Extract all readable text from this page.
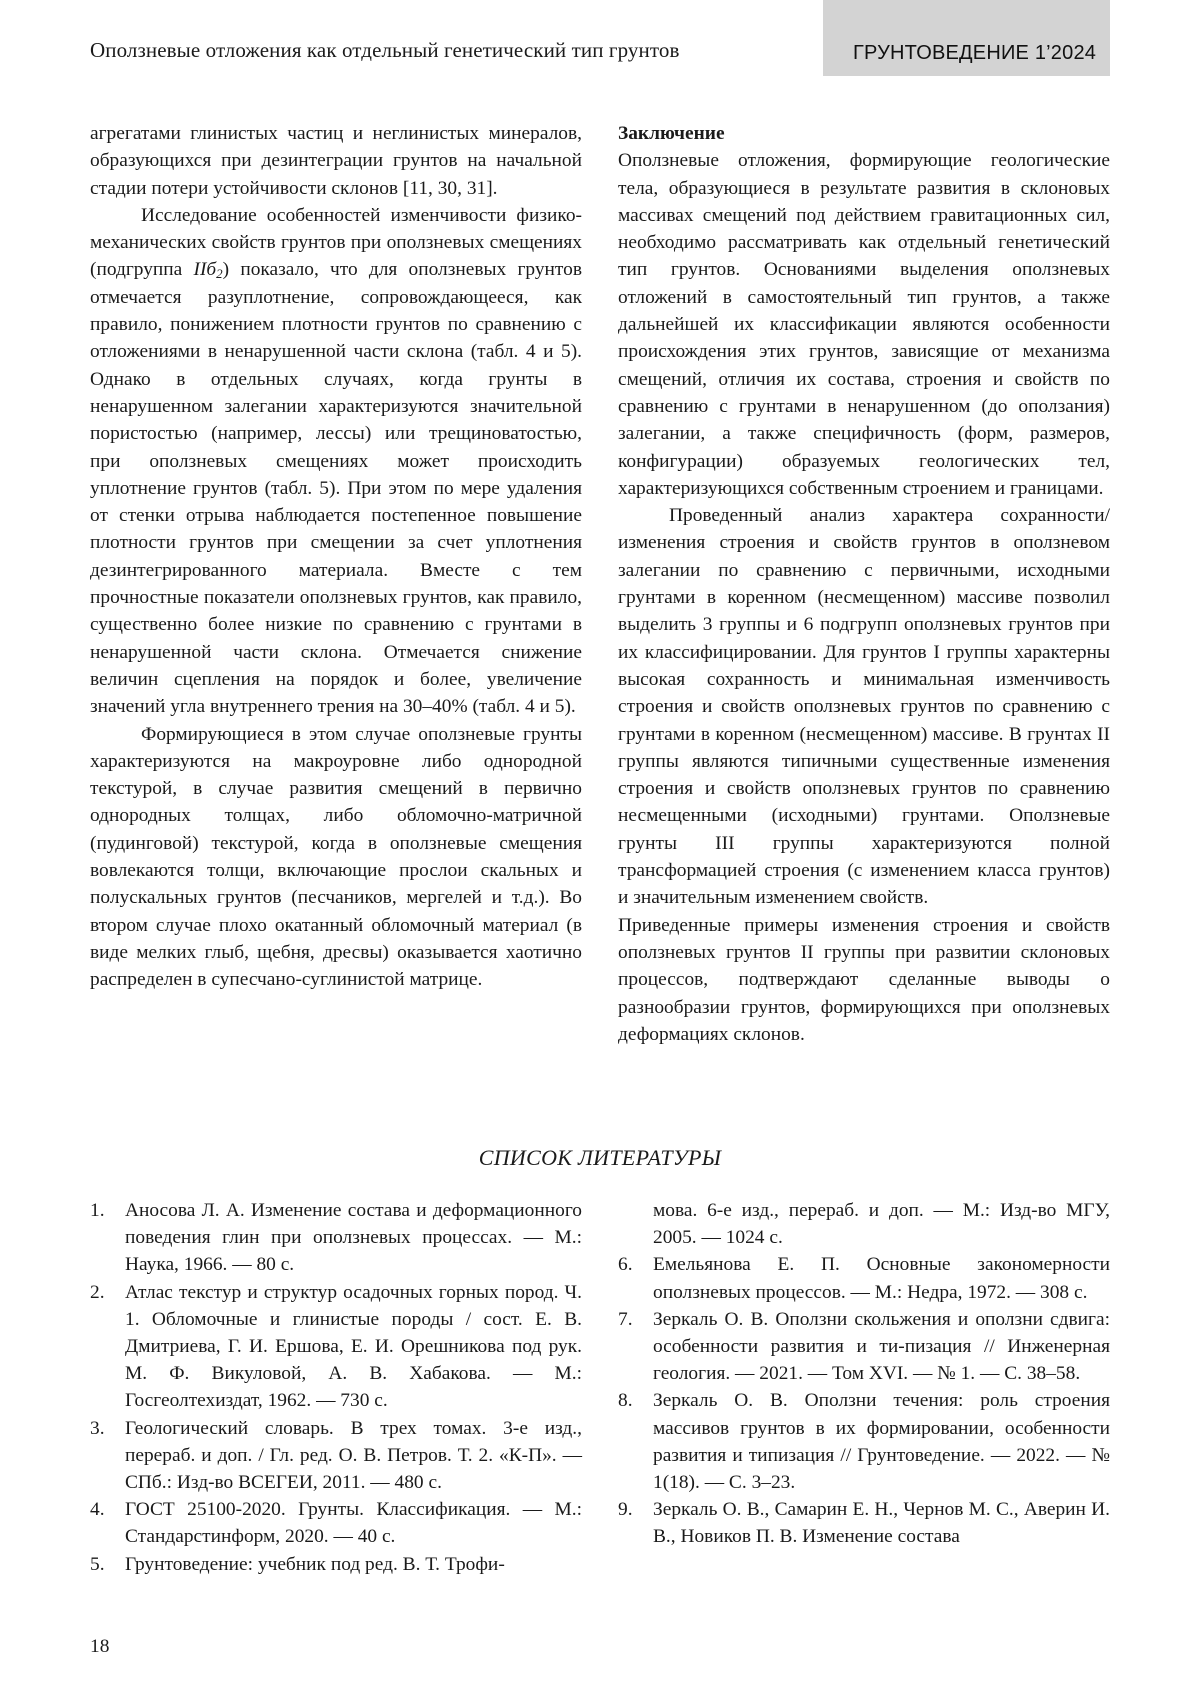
Оползневые отложения как отдельный генетический тип грунтов	ГРУНТОВЕДЕНИЕ 1’2024

агрегатами глинистых частиц и неглинистых минералов, образующихся при дезинтеграции грунтов на начальной стадии потери устойчивости склонов [11, 30, 31].

Исследование особенностей изменчивости физико-механических свойств грунтов при оползневых смещениях (подгруппа IIб$_2$) показало, что для оползневых грунтов отмечается разуплотнение, сопровождающееся, как правило, понижением плотности грунтов по сравнению с отложениями в ненарушенной части склона (табл. 4 и 5). Однако в отдельных случаях, когда грунты в ненарушенном залегании характеризуются значительной пористостью (например, лессы) или трещиноватостью, при оползневых смещениях может происходить уплотнение грунтов (табл. 5). При этом по мере удаления от стенки отрыва наблюдается постепенное повышение плотности грунтов при смещении за счет уплотнения дезинтегрированного материала. Вместе с тем прочностные показатели оползневых грунтов, как правило, существенно более низкие по сравнению с грунтами в ненарушенной части склона. Отмечается снижение величин сцепления на порядок и более, увеличение значений угла внутреннего трения на 30–40% (табл. 4 и 5).

Формирующиеся в этом случае оползневые грунты характеризуются на макроуровне либо однородной текстурой, в случае развития смещений в первично однородных толщах, либо обломочно-матричной (пудинговой) текстурой, когда в оползневые смещения вовлекаются толщи, включающие прослои скальных и полускальных грунтов (песчаников, мергелей и т.д.). Во втором случае плохо окатанный обломочный материал (в виде мелких глыб, щебня, дресвы) оказывается хаотично распределен в супесчано-суглинистой матрице.

Заключение

Оползневые отложения, формирующие геологические тела, образующиеся в результате развития в склоновых массивах смещений под действием гравитационных сил, необходимо рассматривать как отдельный генетический тип грунтов. Основаниями выделения оползневых отложений в самостоятельный тип грунтов, а также дальнейшей их классификации являются особенности происхождения этих грунтов, зависящие от механизма смещений, отличия их состава, строения и свойств по сравнению с грунтами в ненарушенном (до оползания) залегании, а также специфичность (форм, размеров, конфигурации) образуемых геологических тел, характеризующихся собственным строением и границами.

Проведенный анализ характера сохранности/изменения строения и свойств грунтов в оползневом залегании по сравнению с первичными, исходными грунтами в коренном (несмещенном) массиве позволил выделить 3 группы и 6 подгрупп оползневых грунтов при их классифицировании. Для грунтов I группы характерны высокая сохранность и минимальная изменчивость строения и свойств оползневых грунтов по сравнению с грунтами в коренном (несмещенном) массиве. В грунтах II группы являются типичными существенные изменения строения и свойств оползневых грунтов по сравнению несмещенными (исходными) грунтами. Оползневые грунты III группы характеризуются полной трансформацией строения (с изменением класса грунтов) и значительным изменением свойств.

Приведенные примеры изменения строения и свойств оползневых грунтов II группы при развитии склоновых процессов, подтверждают сделанные выводы о разнообразии грунтов, формирующихся при оползневых деформациях склонов.

СПИСОК ЛИТЕРАТУРЫ

1. Аносова Л. А. Изменение состава и деформационного поведения глин при оползневых процессах. — М.: Наука, 1966. — 80 с.

2. Атлас текстур и структур осадочных горных пород. Ч. 1. Обломочные и глинистые породы / сост. Е. В. Дмитриева, Г. И. Ершова, Е. И. Орешникова под рук. М. Ф. Викуловой, А. В. Хабакова. — М.: Госгеолтехиздат, 1962. — 730 с.

3. Геологический словарь. В трех томах. 3-е изд., перераб. и доп. / Гл. ред. О. В. Петров. Т. 2. «К-П». — СПб.: Изд-во ВСЕГЕИ, 2011. — 480 с.

4. ГОСТ 25100-2020. Грунты. Классификация. — М.: Стандарстинформ, 2020. — 40 с.

5. Грунтоведение: учебник под ред. В. Т. Трофи-

мова. 6-е изд., перераб. и доп. — М.: Изд-во МГУ, 2005. — 1024 с.

6. Емельянова Е. П. Основные закономерности оползневых процессов. — М.: Недра, 1972. — 308 с.

7. Зеркаль О. В. Оползни скольжения и оползни сдвига: особенности развития и ти-пизация // Инженерная геология. — 2021. — Том XVI. — № 1. — С. 38–58.

8. Зеркаль О. В. Оползни течения: роль строения массивов грунтов в их формировании, особенности развития и типизация // Грунтоведение. — 2022. — № 1(18). — С. 3–23.

9. Зеркаль О. В., Самарин Е. Н., Чернов М. С., Аверин И. В., Новиков П. В. Изменение состава

18
